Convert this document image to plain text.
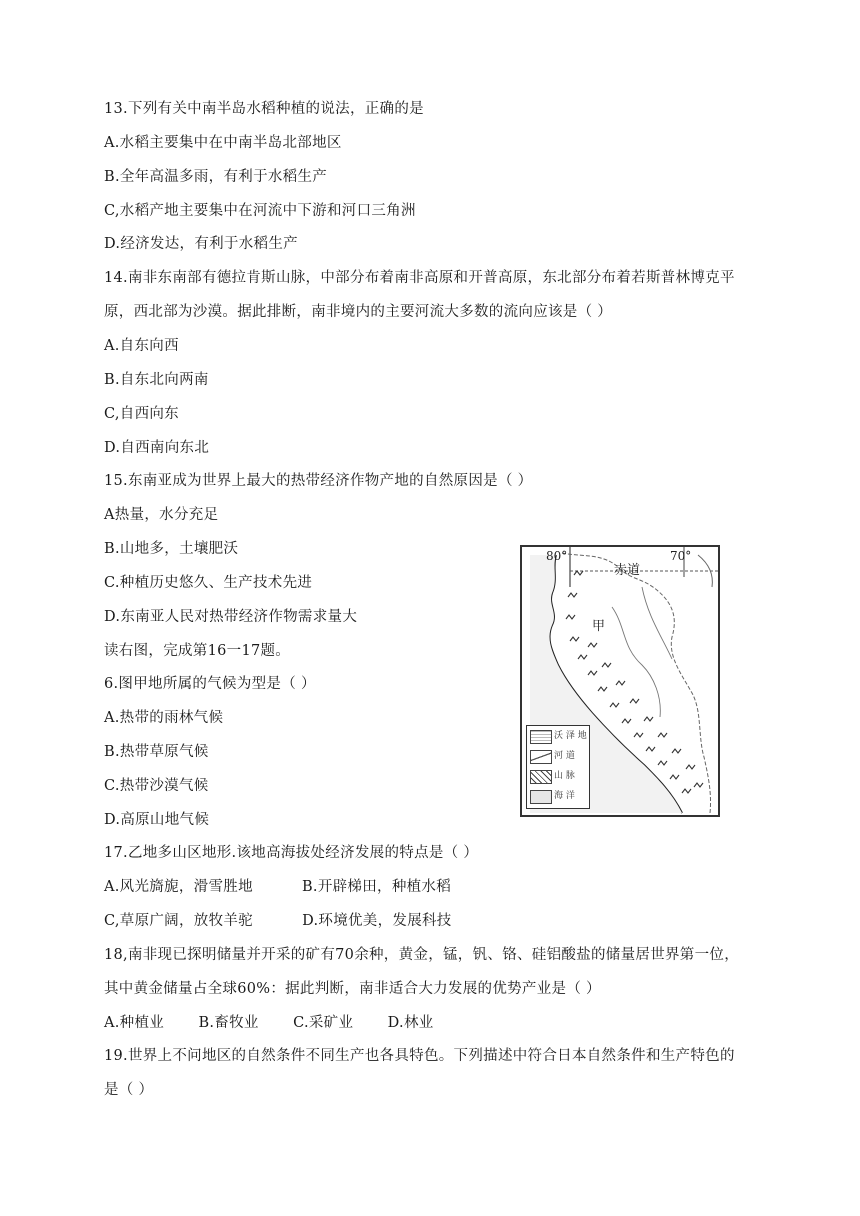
13.下列有关中南半岛水稻种植的说法，正确的是
A.水稻主要集中在中南半岛北部地区
B.全年高温多雨，有利于水稻生产
C,水稻产地主要集中在河流中下游和河口三角洲
D.经济发达，有利于水稻生产
14.南非东南部有德拉肯斯山脉，中部分布着南非高原和开普高原，东北部分布着若斯普林博克平
原，西北部为沙漠。据此排断，南非境内的主要河流大多数的流向应该是（ ）
A.自东向西
B.自东北向两南
C,自西向东
D.自西南向东北
15.东南亚成为世界上最大的热带经济作物产地的自然原因是（ ）
A热量，水分充足
B.山地多，土壤肥沃
C.种植历史悠久、生产技术先进
D.东南亚人民对热带经济作物需求量大
读右图，完成第16一17题。
6.图甲地所属的气候为型是（ ）
A.热带的雨林气候
B.热带草原气候
C.热带沙漠气候
D.高原山地气候
17.乙地多山区地形.该地高海拔处经济发展的特点是（ ）
A.风光旖旎，滑雪胜地          B.开辟梯田，种植水稻
C,草原广阔，放牧羊驼          D.环境优美，发展科技
18,南非现已探明储量并开采的矿有70余种，黄金，锰，钒、铬、硅铝酸盐的储量居世界第一位，
其中黄金储量占全球60%：据此判断，南非适合大力发展的优势产业是（ ）
A.种植业       B.畜牧业       C.采矿业       D.林业
19.世界上不问地区的自然条件不同生产也各具特色。下列描述中符合日本自然条件和生产特色的
是（ ）
80°
赤道
70°
甲
沃 泽 地
河 道
山 脉
海 洋
